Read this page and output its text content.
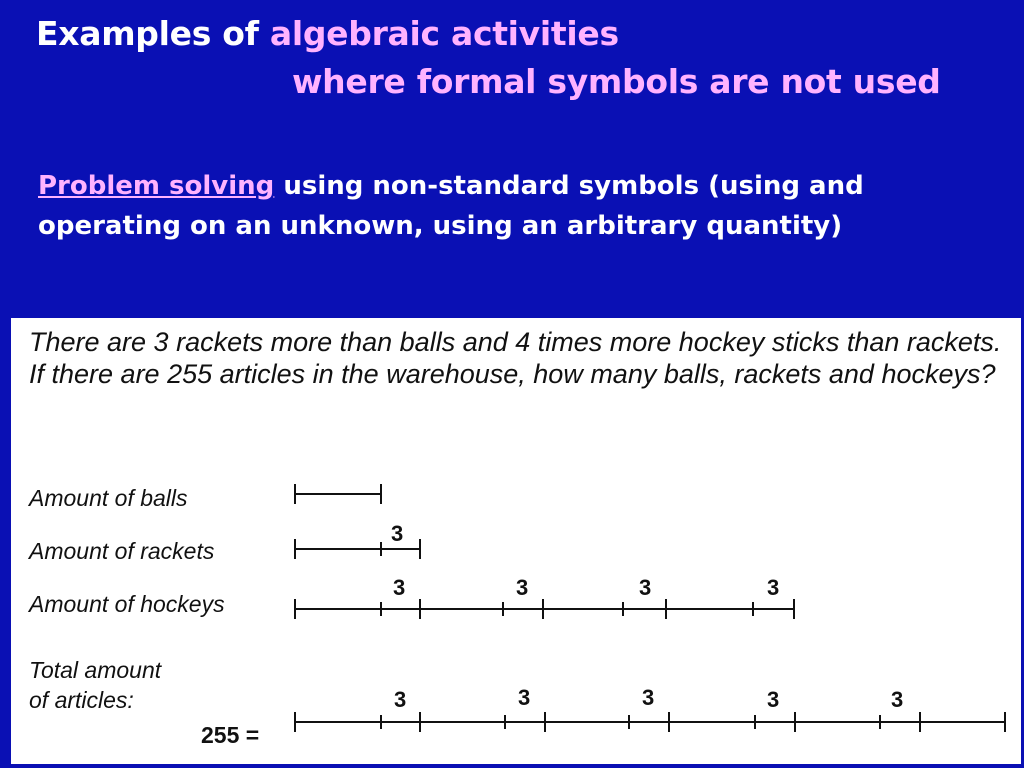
Examples of algebraic activities
where formal symbols are not used
Problem solving using non-standard symbols (using and operating on an unknown, using an arbitrary quantity)
There are 3 rackets more than balls and 4 times more hockey sticks than rackets. If there are 255 articles in the warehouse, how many balls, rackets and hockeys?
Amount of balls
Amount of rackets
Amount of hockeys
Total amount
of articles:
255 =
3
3	3	3	3
3	3	3	3	3
